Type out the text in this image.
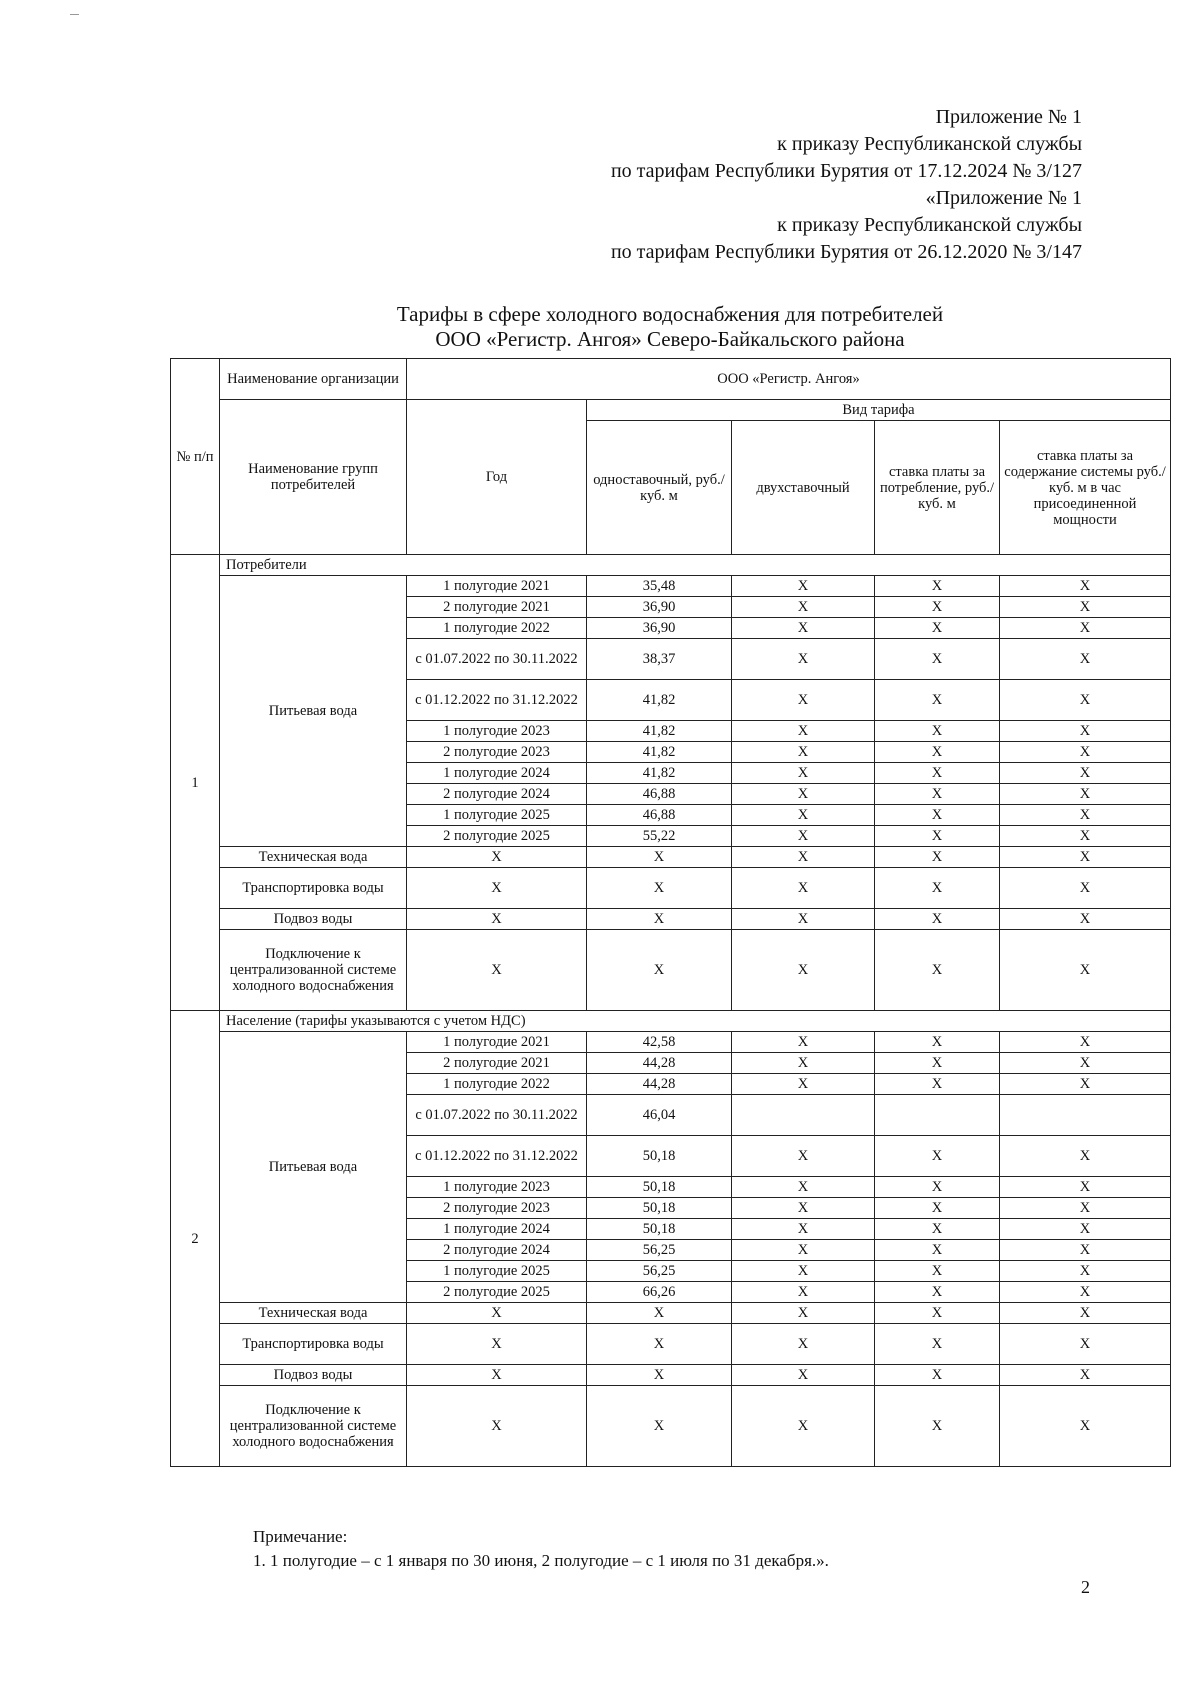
Приложение № 1
к приказу Республиканской службы
по тарифам Республики Бурятия от 17.12.2024 № 3/127
«Приложение № 1
к приказу Республиканской службы
по тарифам Республики Бурятия от 26.12.2020 № 3/147
Тарифы в сфере холодного водоснабжения для потребителей
ООО «Регистр. Ангоя» Северо-Байкальского района
№ п/п	Наименование организации	ООО «Регистр. Ангоя»				
	Наименование групп потребителей	Год	Вид тарифа			
			одноставочный, руб./ куб. м	двухставочный	ставка платы за потребление, руб./ куб. м	ставка платы за содержание системы руб./куб. м в час присоединенной мощности
1	Потребители					
	Питьевая вода	1 полугодие 2021	35,48	Х	Х	Х
		2 полугодие 2021	36,90	Х	Х	Х
		1 полугодие 2022	36,90	Х	Х	Х
		с 01.07.2022 по 30.11.2022	38,37	Х	Х	Х
		с 01.12.2022 по 31.12.2022	41,82	Х	Х	Х
		1 полугодие 2023	41,82	Х	Х	Х
		2 полугодие 2023	41,82	Х	Х	Х
		1 полугодие 2024	41,82	Х	Х	Х
		2 полугодие 2024	46,88	Х	Х	Х
		1 полугодие 2025	46,88	Х	Х	Х
		2 полугодие 2025	55,22	Х	Х	Х
	Техническая вода	Х	Х	Х	Х	Х
	Транспортировка воды	Х	Х	Х	Х	Х
	Подвоз воды	Х	Х	Х	Х	Х
	Подключение к централизованной системе холодного водоснабжения	Х	Х	Х	Х	Х
2	Население (тарифы указываются с учетом НДС)					
	Питьевая вода	1 полугодие 2021	42,58	Х	Х	Х
		2 полугодие 2021	44,28	Х	Х	Х
		1 полугодие 2022	44,28	Х	Х	Х
		с 01.07.2022 по 30.11.2022	46,04			
		с 01.12.2022 по 31.12.2022	50,18	Х	Х	Х
		1 полугодие 2023	50,18	Х	Х	Х
		2 полугодие 2023	50,18	Х	Х	Х
		1 полугодие 2024	50,18	Х	Х	Х
		2 полугодие 2024	56,25	Х	Х	Х
		1 полугодие 2025	56,25	Х	Х	Х
		2 полугодие 2025	66,26	Х	Х	Х
	Техническая вода	Х	Х	Х	Х	Х
	Транспортировка воды	Х	Х	Х	Х	Х
	Подвоз воды	Х	Х	Х	Х	Х
	Подключение к централизованной системе холодного водоснабжения	Х	Х	Х	Х	Х
Примечание:
1. 1 полугодие – с 1 января по 30 июня, 2 полугодие – с 1 июля по 31 декабря.».
2
